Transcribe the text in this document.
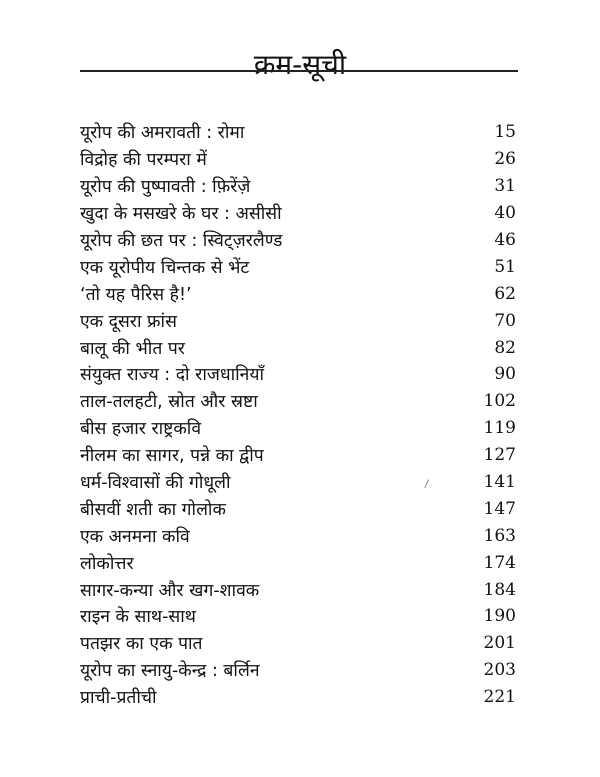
क्रम-सूची
यूरोप की अमरावती : रोमा	15
विद्रोह की परम्परा में	26
यूरोप की पुष्पावती : फ़िरेंज़े	31
खुदा के मसखरे के घर : असीसी	40
यूरोप की छत पर : स्विट्ज़रलैण्ड	46
एक यूरोपीय चिन्तक से भेंट	51
‘तो यह पैरिस है!’	62
एक दूसरा फ्रांस	70
बालू की भीत पर	82
संयुक्त राज्य : दो राजधानियाँ	90
ताल-तलहटी, स्रोत और स्रष्टा	102
बीस हजार राष्ट्रकवि	119
नीलम का सागर, पन्ने का द्वीप	127
धर्म-विश्वासों की गोधूली	141
बीसवीं शती का गोलोक	147
एक अनमना कवि	163
लोकोत्तर	174
सागर-कन्या और खग-शावक	184
राइन के साथ-साथ	190
पतझर का एक पात	201
यूरोप का स्नायु-केन्द्र : बर्लिन	203
प्राची-प्रतीची	221
